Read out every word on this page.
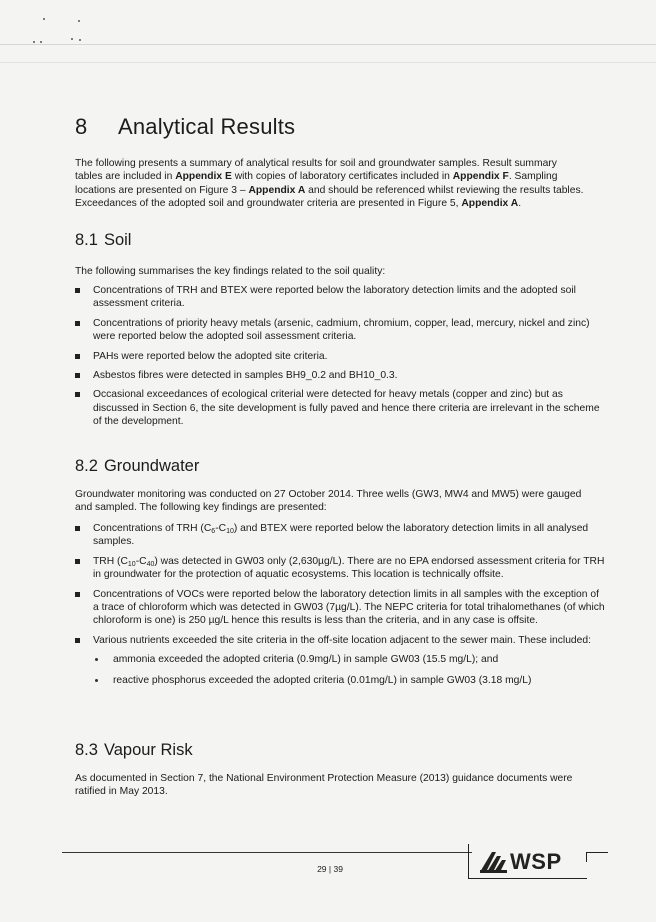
8 Analytical Results
The following presents a summary of analytical results for soil and groundwater samples. Result summary tables are included in Appendix E with copies of laboratory certificates included in Appendix F. Sampling locations are presented on Figure 3 – Appendix A and should be referenced whilst reviewing the results tables. Exceedances of the adopted soil and groundwater criteria are presented in Figure 5, Appendix A.
8.1 Soil
The following summarises the key findings related to the soil quality:
Concentrations of TRH and BTEX were reported below the laboratory detection limits and the adopted soil assessment criteria.
Concentrations of priority heavy metals (arsenic, cadmium, chromium, copper, lead, mercury, nickel and zinc) were reported below the adopted soil assessment criteria.
PAHs were reported below the adopted site criteria.
Asbestos fibres were detected in samples BH9_0.2 and BH10_0.3.
Occasional exceedances of ecological criterial were detected for heavy metals (copper and zinc) but as discussed in Section 6, the site development is fully paved and hence there criteria are irrelevant in the scheme of the development.
8.2 Groundwater
Groundwater monitoring was conducted on 27 October 2014. Three wells (GW3, MW4 and MW5) were gauged and sampled. The following key findings are presented:
Concentrations of TRH $(C_6-C_{10})$ and BTEX were reported below the laboratory detection limits in all analysed samples.
TRH $(C_{10}-C_{40})$ was detected in GW03 only (2,630µg/L). There are no EPA endorsed assessment criteria for TRH in groundwater for the protection of aquatic ecosystems. This location is technically offsite.
Concentrations of VOCs were reported below the laboratory detection limits in all samples with the exception of a trace of chloroform which was detected in GW03 (7µg/L). The NEPC criteria for total trihalomethanes (of which chloroform is one) is 250 µg/L hence this results is less than the criteria, and in any case is offsite.
Various nutrients exceeded the site criteria in the off-site location adjacent to the sewer main. These included:
ammonia exceeded the adopted criteria (0.9mg/L) in sample GW03 (15.5 mg/L); and
reactive phosphorus exceeded the adopted criteria (0.01mg/L) in sample GW03 (3.18 mg/L)
8.3 Vapour Risk
As documented in Section 7, the National Environment Protection Measure (2013) guidance documents were ratified in May 2013.
29 | 39	WSP
